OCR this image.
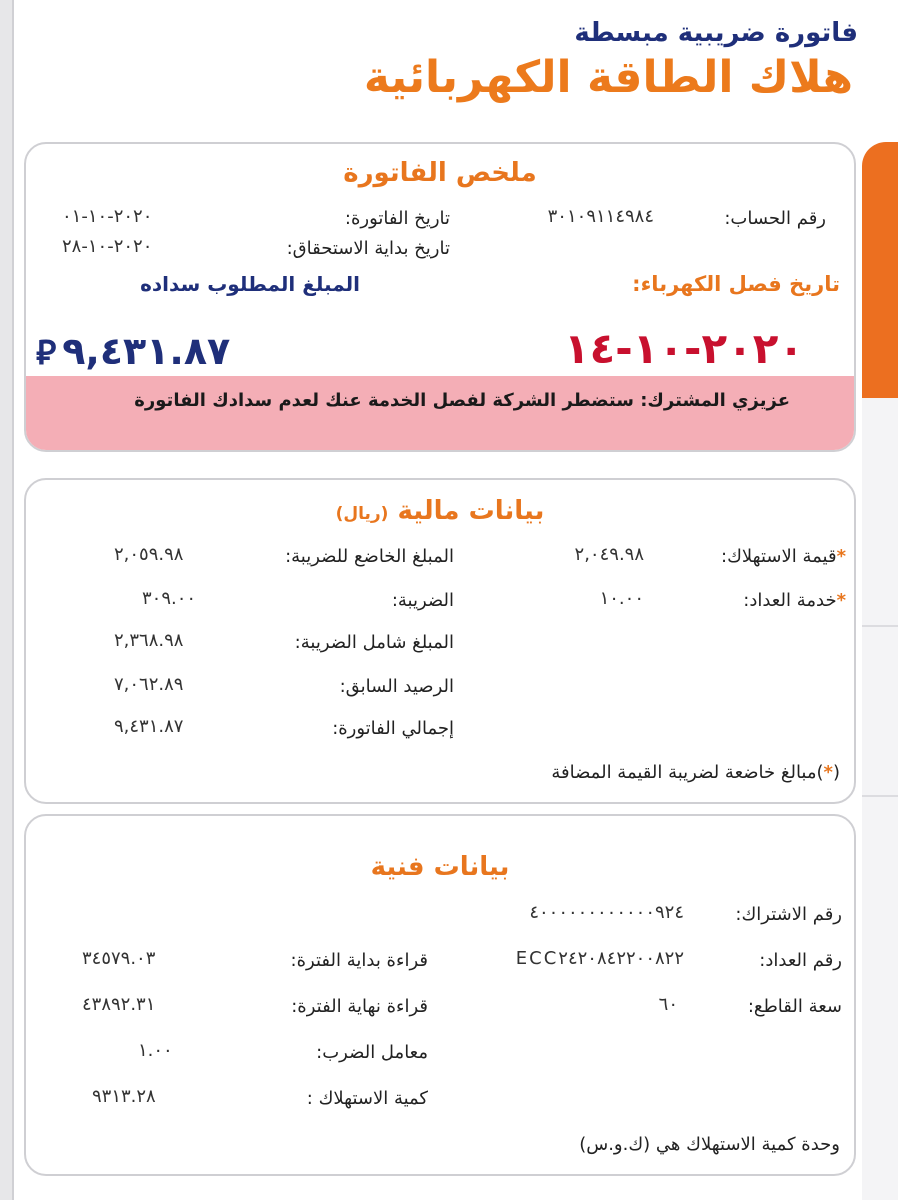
فاتورة ضريبية مبسطة
هلاك الطاقة الكهربائية
ملخص الفاتورة
رقم الحساب:
٣٠١٠٩١١٤٩٨٤
تاريخ الفاتورة:
٢٠٢٠-١٠-٠١
تاريخ بداية الاستحقاق:
٢٠٢٠-١٠-٢٨
المبلغ المطلوب سداده	تاريخ فصل الكهرباء:
⃁٩,٤٣١.٨٧	٢٠٢٠-١٠-١٤
عزيزي المشترك: ستضطر الشركة لفصل الخدمة عنك لعدم سدادك الفاتورة
بيانات مالية (ريال)
*قيمة الاستهلاك:
٢,٠٤٩.٩٨
*خدمة العداد:
١٠.٠٠
المبلغ الخاضع للضريبة:
٢,٠٥٩.٩٨
الضريبة:
٣٠٩.٠٠
المبلغ شامل الضريبة:
٢,٣٦٨.٩٨
الرصيد السابق:
٧,٠٦٢.٨٩
إجمالي الفاتورة:
٩,٤٣١.٨٧
(*)مبالغ خاضعة لضريبة القيمة المضافة
بيانات فنية
رقم الاشتراك:
٤٠٠٠٠٠٠٠٠٠٠٠٠٩٢٤
رقم العداد:
ECC٢٤٢٠٨٤٢٢٠٠٨٢٢
سعة القاطع:
٦٠
قراءة بداية الفترة:
٣٤٥٧٩.٠٣
قراءة نهاية الفترة:
٤٣٨٩٢.٣١
معامل الضرب:
١.٠٠
كمية الاستهلاك :
٩٣١٣.٢٨
وحدة كمية الاستهلاك هي (ك.و.س)
